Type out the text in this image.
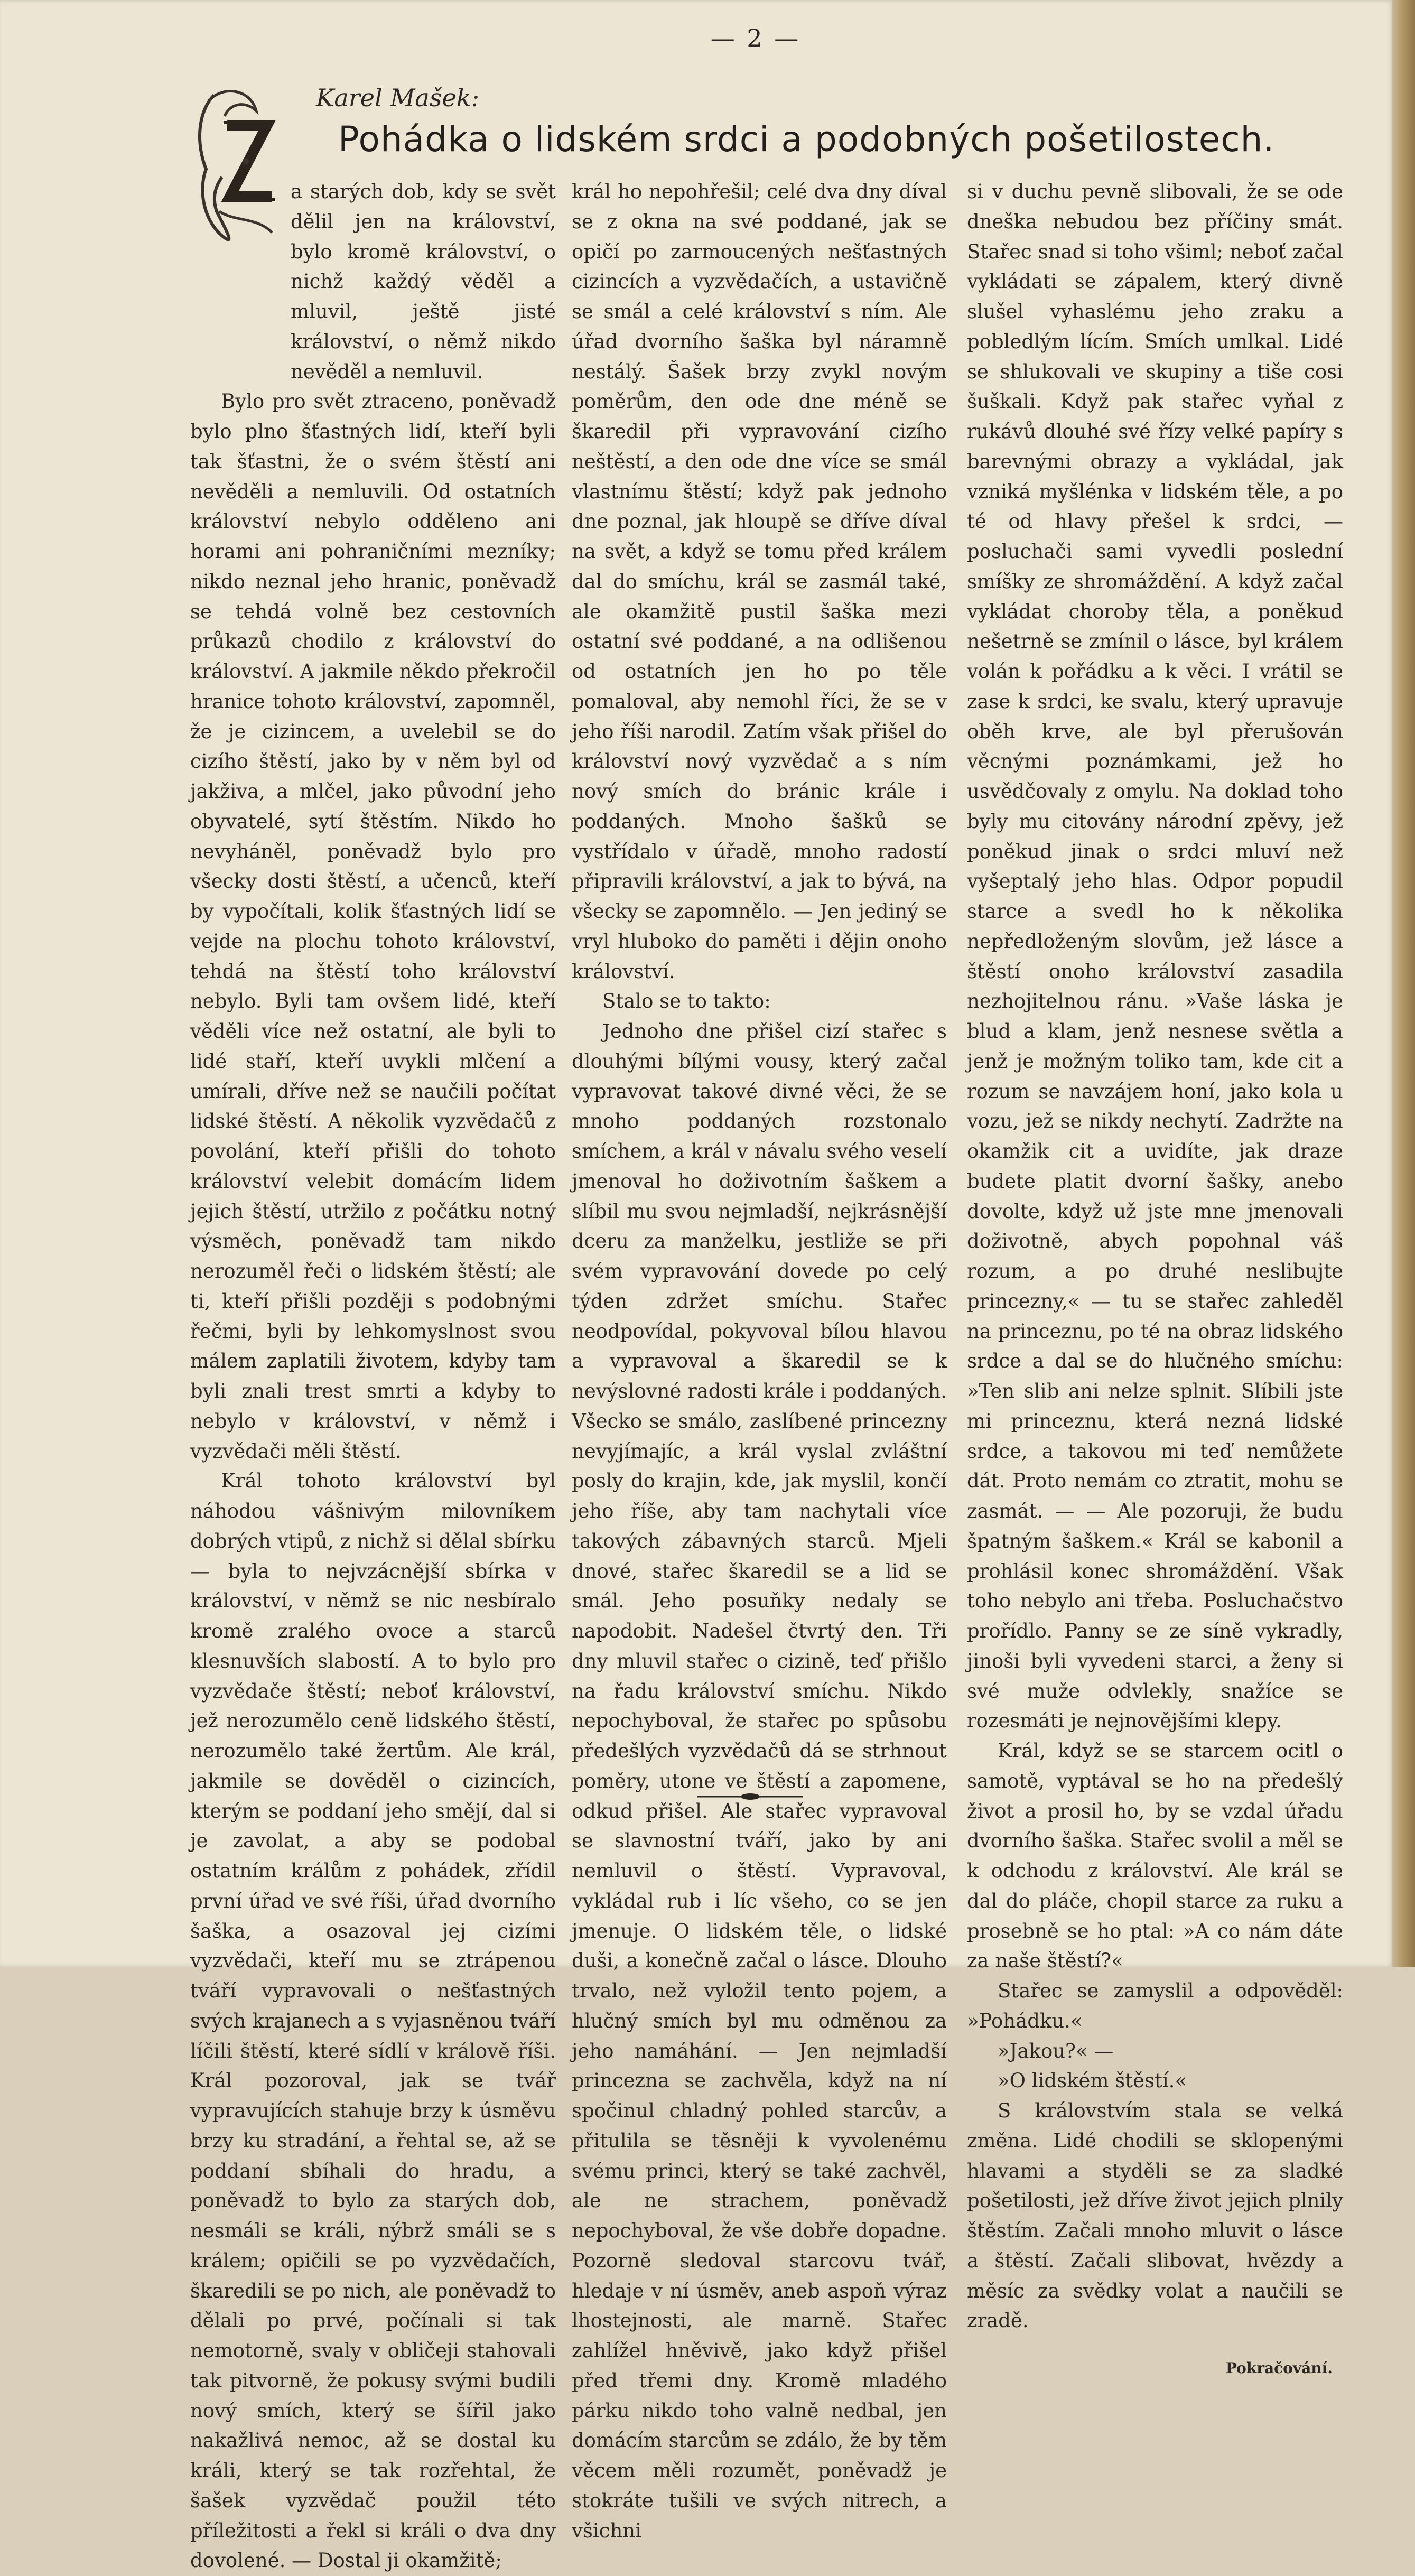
— 2 —
Karel Mašek:
Pohádka o lidském srdci a podobných pošetilostech.

a starých dob, kdy se svět dělil jen na království, bylo kromě království, o nichž každý věděl a mluvil, ještě jisté království, o němž nikdo nevěděl a nemluvil.

Bylo pro svět ztraceno, poněvadž bylo plno šťastných lidí, kteří byli tak šťastni, že o svém štěstí ani nevěděli a nemluvili. Od ostatních království nebylo odděleno ani horami ani pohraničními mezníky; nikdo neznal jeho hranic, poněvadž se tehdá volně bez cestovních průkazů chodilo z království do království. A jakmile někdo překročil hranice tohoto království, zapomněl, že je cizincem, a uvelebil se do cizího štěstí, jako by v něm byl od jakživa, a mlčel, jako původní jeho obyvatelé, sytí štěstím. Nikdo ho nevyháněl, poněvadž bylo pro všecky dosti štěstí, a učenců, kteří by vypočítali, kolik šťastných lidí se vejde na plochu tohoto království, tehdá na štěstí toho království nebylo. Byli tam ovšem lidé, kteří věděli více než ostatní, ale byli to lidé staří, kteří uvykli mlčení a umírali, dříve než se naučili počítat lidské štěstí. A několik vyzvědačů z povolání, kteří přišli do tohoto království velebit domácím lidem jejich štěstí, utržilo z počátku notný výsměch, poněvadž tam nikdo nerozuměl řeči o lidském štěstí; ale ti, kteří přišli později s podobnými řečmi, byli by lehkomyslnost svou málem zaplatili životem, kdyby tam byli znali trest smrti a kdyby to nebylo v království, v němž i vyzvědači měli štěstí.

Král tohoto království byl náhodou vášnivým milovníkem dobrých vtipů, z nichž si dělal sbírku — byla to nejvzácnější sbírka v království, v němž se nic nesbíralo kromě zralého ovoce a starců klesnuvších slabostí. A to bylo pro vyzvědače štěstí; neboť království, jež nerozumělo ceně lidského štěstí, nerozumělo také žertům. Ale král, jakmile se dověděl o cizincích, kterým se poddaní jeho smějí, dal si je zavolat, a aby se podobal ostatním králům z pohádek, zřídil první úřad ve své říši, úřad dvorního šaška, a osazoval jej cizími vyzvědači, kteří mu se ztrápenou tváří vypravovali o nešťastných svých krajanech a s vyjasněnou tváří líčili štěstí, které sídlí v králově říši. Král pozoroval, jak se tvář vypravujících stahuje brzy k úsměvu brzy ku stradání, a řehtal se, až se poddaní sbíhali do hradu, a poněvadž to bylo za starých dob, nesmáli se králi, nýbrž smáli se s králem; opičili se po vyzvědačích, škaredili se po nich, ale poněvadž to dělali po prvé, počínali si tak nemotorně, svaly v obličeji stahovali tak pitvorně, že pokusy svými budili nový smích, který se šířil jako nakažlivá nemoc, až se dostal ku králi, který se tak rozřehtal, že šašek vyzvědač použil této příležitosti a řekl si králi o dva dny dovolené. — Dostal ji okamžitě;

král ho nepohřešil; celé dva dny díval se z okna na své poddané, jak se opičí po zarmoucených nešťastných cizincích a vyzvědačích, a ustavičně se smál a celé království s ním. Ale úřad dvorního šaška byl náramně nestálý. Šašek brzy zvykl novým poměrům, den ode dne méně se škaredil při vypravování cizího neštěstí, a den ode dne více se smál vlastnímu štěstí; když pak jednoho dne poznal, jak hloupě se dříve díval na svět, a když se tomu před králem dal do smíchu, král se zasmál také, ale okamžitě pustil šaška mezi ostatní své poddané, a na odlišenou od ostatních jen ho po těle pomaloval, aby nemohl říci, že se v jeho říši narodil. Zatím však přišel do království nový vyzvědač a s ním nový smích do bránic krále i poddaných. Mnoho šašků se vystřídalo v úřadě, mnoho radostí připravili království, a jak to bývá, na všecky se zapomnělo. — Jen jediný se vryl hluboko do paměti i dějin onoho království.

Stalo se to takto:

Jednoho dne přišel cizí stařec s dlouhými bílými vousy, který začal vypravovat takové divné věci, že se mnoho poddaných rozstonalo smíchem, a král v návalu svého veselí jmenoval ho doživotním šaškem a slíbil mu svou nejmladší, nejkrásnější dceru za manželku, jestliže se při svém vypravování dovede po celý týden zdržet smíchu. Stařec neodpovídal, pokyvoval bílou hlavou a vypravoval a škaredil se k nevýslovné radosti krále i poddaných. Všecko se smálo, zaslíbené princezny nevyjímajíc, a král vyslal zvláštní posly do krajin, kde, jak myslil, končí jeho říše, aby tam nachytali více takových zábavných starců. Mjeli dnové, stařec škaredil se a lid se smál. Jeho posuňky nedaly se napodobit. Nadešel čtvrtý den. Tři dny mluvil stařec o cizině, teď přišlo na řadu království smíchu. Nikdo nepochyboval, že stařec po spůsobu předešlých vyzvědačů dá se strhnout poměry, utone ve štěstí a zapomene, odkud přišel. Ale stařec vypravoval se slavnostní tváří, jako by ani nemluvil o štěstí. Vypravoval, vykládal rub i líc všeho, co se jen jmenuje. O lidském těle, o lidské duši, a konečně začal o lásce. Dlouho trvalo, než vyložil tento pojem, a hlučný smích byl mu odměnou za jeho namáhání. — Jen nejmladší princezna se zachvěla, když na ní spočinul chladný pohled starcův, a přitulila se těsněji k vyvolenému svému princi, který se také zachvěl, ale ne strachem, poněvadž nepochyboval, že vše dobře dopadne. Pozorně sledoval starcovu tvář, hledaje v ní úsměv, aneb aspoň výraz lhostejnosti, ale marně. Stařec zahlížel hněvivě, jako když přišel před třemi dny. Kromě mladého párku nikdo toho valně nedbal, jen domácím starcům se zdálo, že by těm věcem měli rozumět, poněvadž je stokráte tušili ve svých nitrech, a všichni

si v duchu pevně slibovali, že se ode dneška nebudou bez příčiny smát. Stařec snad si toho všiml; neboť začal vykládati se zápalem, který divně slušel vyhaslému jeho zraku a pobledlým lícím. Smích umlkal. Lidé se shlukovali ve skupiny a tiše cosi šuškali. Když pak stařec vyňal z rukávů dlouhé své řízy velké papíry s barevnými obrazy a vykládal, jak vzniká myšlénka v lidském těle, a po té od hlavy přešel k srdci, — posluchači sami vyvedli poslední smíšky ze shromáždění. A když začal vykládat choroby těla, a poněkud nešetrně se zmínil o lásce, byl králem volán k pořádku a k věci. I vrátil se zase k srdci, ke svalu, který upravuje oběh krve, ale byl přerušován věcnými poznámkami, jež ho usvědčovaly z omylu. Na doklad toho byly mu citovány národní zpěvy, jež poněkud jinak o srdci mluví než vyšeptalý jeho hlas. Odpor popudil starce a svedl ho k několika nepředloženým slovům, jež lásce a štěstí onoho království zasadila nezhojitelnou ránu. »Vaše láska je blud a klam, jenž nesnese světla a jenž je možným toliko tam, kde cit a rozum se navzájem honí, jako kola u vozu, jež se nikdy nechytí. Zadržte na okamžik cit a uvidíte, jak draze budete platit dvorní šašky, anebo dovolte, když už jste mne jmenovali doživotně, abych popohnal váš rozum, a po druhé neslibujte princezny,« — tu se stařec zahleděl na princeznu, po té na obraz lidského srdce a dal se do hlučného smíchu: »Ten slib ani nelze splnit. Slíbili jste mi princeznu, která nezná lidské srdce, a takovou mi teď nemůžete dát. Proto nemám co ztratit, mohu se zasmát. — — Ale pozoruji, že budu špatným šaškem.« Král se kabonil a prohlásil konec shromáždění. Však toho nebylo ani třeba. Posluchačstvo prořídlo. Panny se ze síně vykradly, jinoši byli vyvedeni starci, a ženy si své muže odvlekly, snažíce se rozesmáti je nejnovějšími klepy.

Král, když se se starcem ocitl o samotě, vyptával se ho na předešlý život a prosil ho, by se vzdal úřadu dvorního šaška. Stařec svolil a měl se k odchodu z království. Ale král se dal do pláče, chopil starce za ruku a prosebně se ho ptal: »A co nám dáte za naše štěstí?«

Stařec se zamyslil a odpověděl: »Pohádku.«

»Jakou?« —

»O lidském štěstí.«

S královstvím stala se velká změna. Lidé chodili se sklopenými hlavami a styděli se za sladké pošetilosti, jež dříve život jejich plnily štěstím. Začali mnoho mluvit o lásce a štěstí. Začali slibovat, hvězdy a měsíc za svědky volat a naučili se zradě.

Pokračování.
